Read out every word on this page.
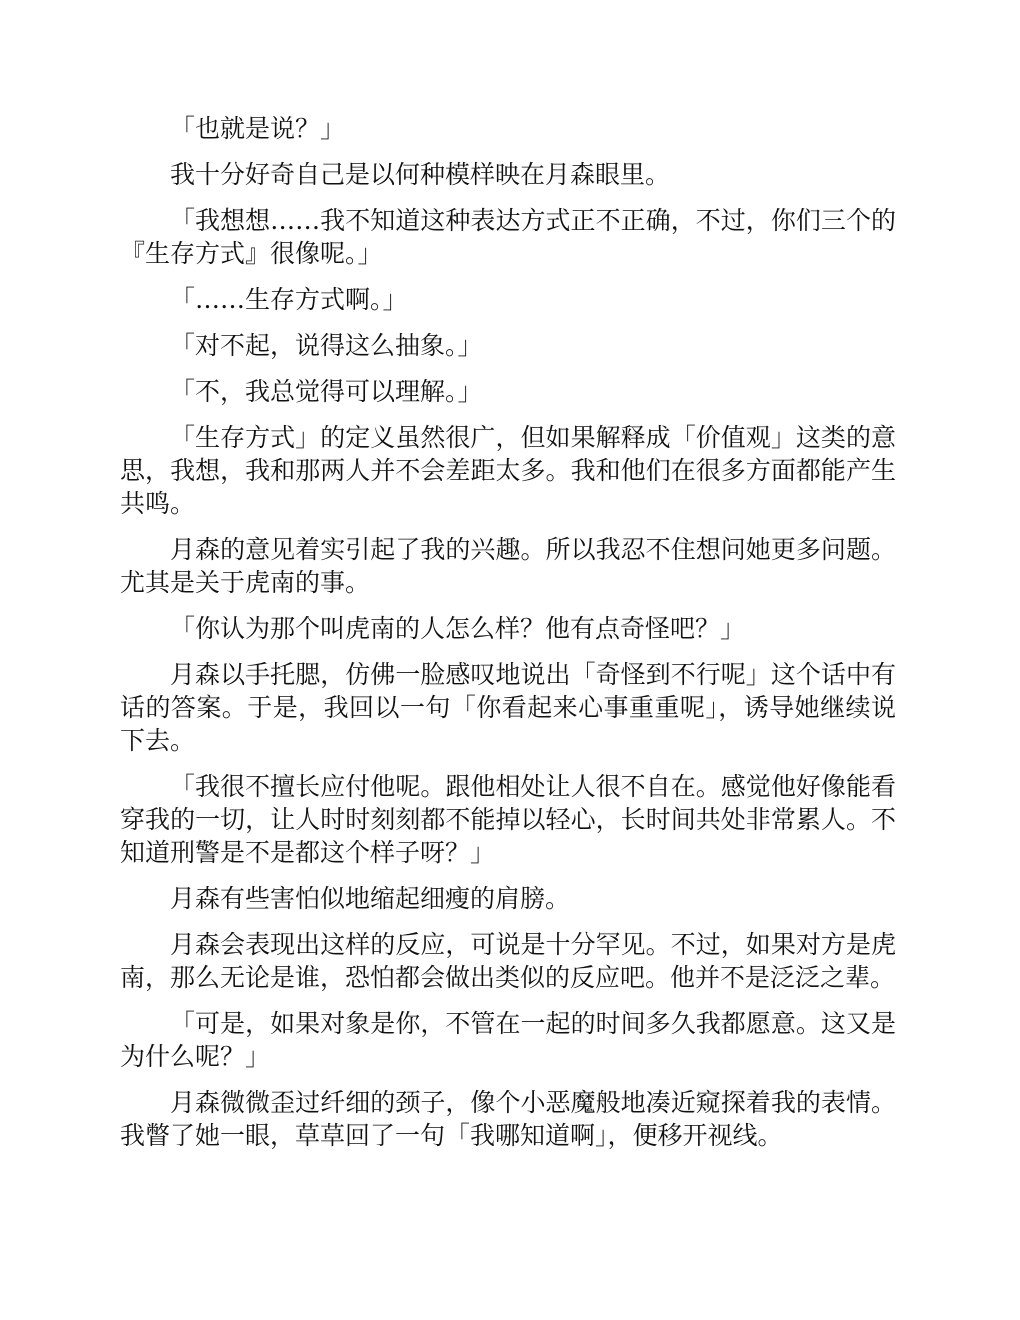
「也就是说？」

我十分好奇自己是以何种模样映在月森眼里。

「我想想……我不知道这种表达方式正不正确，不过，你们三个的『生存方式』很像呢。」

「……生存方式啊。」

「对不起，说得这么抽象。」

「不，我总觉得可以理解。」

「生存方式」的定义虽然很广，但如果解释成「价值观」这类的意思，我想，我和那两人并不会差距太多。我和他们在很多方面都能产生共鸣。

月森的意见着实引起了我的兴趣。所以我忍不住想问她更多问题。尤其是关于虎南的事。

「你认为那个叫虎南的人怎么样？他有点奇怪吧？」

月森以手托腮，仿佛一脸感叹地说出「奇怪到不行呢」这个话中有话的答案。于是，我回以一句「你看起来心事重重呢」，诱导她继续说下去。

「我很不擅长应付他呢。跟他相处让人很不自在。感觉他好像能看穿我的一切，让人时时刻刻都不能掉以轻心，长时间共处非常累人。不知道刑警是不是都这个样子呀？」

月森有些害怕似地缩起细瘦的肩膀。

月森会表现出这样的反应，可说是十分罕见。不过，如果对方是虎南，那么无论是谁，恐怕都会做出类似的反应吧。他并不是泛泛之辈。

「可是，如果对象是你，不管在一起的时间多久我都愿意。这又是为什么呢？」

月森微微歪过纤细的颈子，像个小恶魔般地凑近窥探着我的表情。我瞥了她一眼，草草回了一句「我哪知道啊」，便移开视线。
